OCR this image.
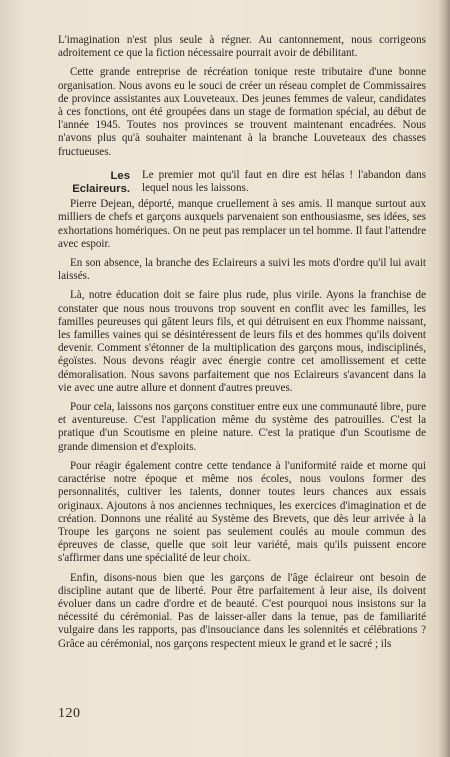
L'imagination n'est plus seule à régner. Au cantonnement, nous corrigeons adroitement ce que la fiction nécessaire pourrait avoir de débilitant.

Cette grande entreprise de récréation tonique reste tributaire d'une bonne organisation. Nous avons eu le souci de créer un réseau complet de Commissaires de province assistantes aux Louveteaux. Des jeunes femmes de valeur, candidates à ces fonctions, ont été groupées dans un stage de formation spécial, au début de l'année 1945. Toutes nos provinces se trouvent maintenant encadrées. Nous n'avons plus qu'à souhaiter maintenant à la branche Louveteaux des chasses fructueuses.

Les
Eclaireurs.

Le premier mot qu'il faut en dire est hélas ! l'abandon dans lequel nous les laissons.

Pierre Dejean, déporté, manque cruellement à ses amis. Il manque surtout aux milliers de chefs et garçons auxquels parvenaient son enthousiasme, ses idées, ses exhortations homériques. On ne peut pas remplacer un tel homme. Il faut l'attendre avec espoir.

En son absence, la branche des Eclaireurs a suivi les mots d'ordre qu'il lui avait laissés.

Là, notre éducation doit se faire plus rude, plus virile. Ayons la franchise de constater que nous nous trouvons trop souvent en conflit avec les familles, les familles peureuses qui gâtent leurs fils, et qui détruisent en eux l'homme naissant, les familles vaines qui se désintéressent de leurs fils et des hommes qu'ils doivent devenir. Comment s'étonner de la multiplication des garçons mous, indisciplinés, égoïstes. Nous devons réagir avec énergie contre cet amollissement et cette démoralisation. Nous savons parfaitement que nos Eclaireurs s'avancent dans la vie avec une autre allure et donnent d'autres preuves.

Pour cela, laissons nos garçons constituer entre eux une communauté libre, pure et aventureuse. C'est l'application même du système des patrouilles. C'est la pratique d'un Scoutisme en pleine nature. C'est la pratique d'un Scoutisme de grande dimension et d'exploits.

Pour réagir également contre cette tendance à l'uniformité raide et morne qui caractérise notre époque et même nos écoles, nous voulons former des personnalités, cultiver les talents, donner toutes leurs chances aux essais originaux. Ajoutons à nos anciennes techniques, les exercices d'imagination et de création. Donnons une réalité au Système des Brevets, que dès leur arrivée à la Troupe les garçons ne soient pas seulement coulés au moule commun des épreuves de classe, quelle que soit leur variété, mais qu'ils puissent encore s'affirmer dans une spécialité de leur choix.

Enfin, disons-nous bien que les garçons de l'âge éclaireur ont besoin de discipline autant que de liberté. Pour être parfaitement à leur aise, ils doivent évoluer dans un cadre d'ordre et de beauté. C'est pourquoi nous insistons sur la nécessité du cérémonial. Pas de laisser-aller dans la tenue, pas de familiarité vulgaire dans les rapports, pas d'insouciance dans les solennités et célébrations ? Grâce au cérémonial, nos garçons respectent mieux le grand et le sacré ; ils

120
